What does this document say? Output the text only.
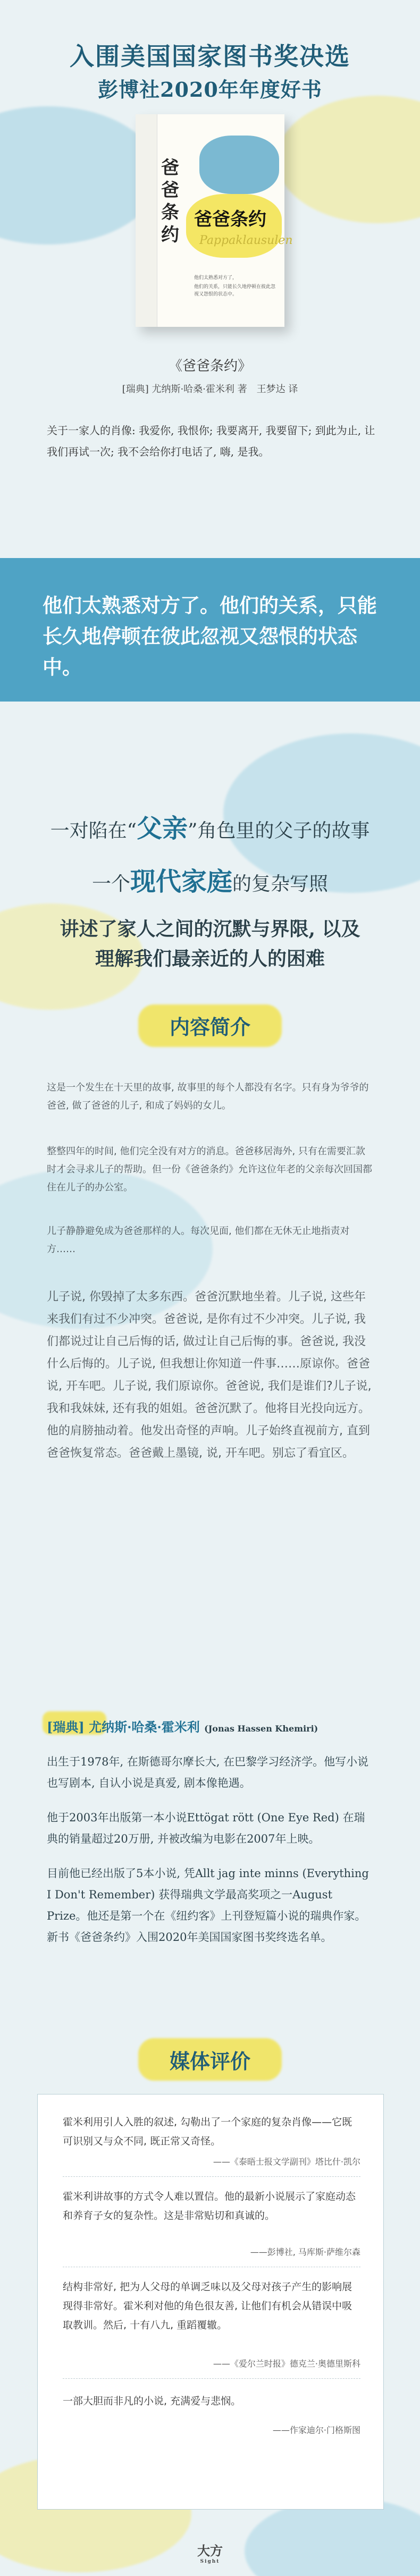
入围美国国家图书奖决选
彭博社2020年年度好书
爸爸条约
爸爸条约
Pappaklausulen
他们太熟悉对方了，
他们的关系，只能长久地停顿在彼此忽视又怨恨的状态中。
《爸爸条约》
[瑞典] 尤纳斯·哈桑·霍米利 著　王梦达 译
关于一家人的肖像: 我爱你, 我恨你; 我要离开, 我要留下; 到此为止, 让我们再试一次; 我不会给你打电话了, 嗨, 是我。
他们太熟悉对方了。他们的关系，只能长久地停顿在彼此忽视又怨恨的状态中。
一对陷在“父亲”角色里的父子的故事
一个现代家庭的复杂写照
讲述了家人之间的沉默与界限, 以及理解我们最亲近的人的困难
内容简介
这是一个发生在十天里的故事, 故事里的每个人都没有名字。只有身为爷爷的爸爸, 做了爸爸的儿子, 和成了妈妈的女儿。
整整四年的时间, 他们完全没有对方的消息。爸爸移居海外, 只有在需要汇款时才会寻求儿子的帮助。但一份《爸爸条约》允许这位年老的父亲每次回国都住在儿子的办公室。
儿子静静避免成为爸爸那样的人。每次见面, 他们都在无休无止地指责对方……
儿子说, 你毁掉了太多东西。爸爸沉默地坐着。儿子说, 这些年来我们有过不少冲突。爸爸说, 是你有过不少冲突。儿子说, 我们都说过让自己后悔的话, 做过让自己后悔的事。爸爸说, 我没什么后悔的。儿子说, 但我想让你知道一件事……原谅你。爸爸说, 开车吧。儿子说, 我们原谅你。爸爸说, 我们是谁们?儿子说, 我和我妹妹, 还有我的姐姐。爸爸沉默了。他将目光投向远方。他的肩膀抽动着。他发出奇怪的声响。儿子始终直视前方, 直到爸爸恢复常态。爸爸戴上墨镜, 说, 开车吧。别忘了看宜区。
[瑞典] 尤纳斯·哈桑·霍米利 (Jonas Hassen Khemiri)
出生于1978年, 在斯德哥尔摩长大, 在巴黎学习经济学。他写小说也写剧本, 自认小说是真爱, 剧本像艳遇。
他于2003年出版第一本小说Ettögat rött (One Eye Red) 在瑞典的销量超过20万册, 并被改编为电影在2007年上映。
目前他已经出版了5本小说, 凭Allt jag inte minns (Everything I Don't Remember) 获得瑞典文学最高奖项之一August Prize。他还是第一个在《纽约客》上刊登短篇小说的瑞典作家。新书《爸爸条约》入围2020年美国国家图书奖终选名单。
媒体评价
霍米利用引人入胜的叙述, 勾勒出了一个家庭的复杂肖像——它既可识别又与众不同, 既正常又奇怪。
——《泰晤士报文学副刊》塔比什·凯尔
霍米利讲故事的方式令人难以置信。他的最新小说展示了家庭动态和养育子女的复杂性。这是非常贴切和真诚的。
——彭博社, 马库斯·萨维尔森
结构非常好, 把为人父母的单调乏味以及父母对孩子产生的影响展现得非常好。霍米利对他的角色很友善, 让他们有机会从错误中吸取教训。然后, 十有八九, 重蹈覆辙。
——《爱尔兰时报》德克兰·奥德里斯科
一部大胆而非凡的小说, 充满爱与悲悯。
——作家迪尔·门格斯图
大方
Sight
